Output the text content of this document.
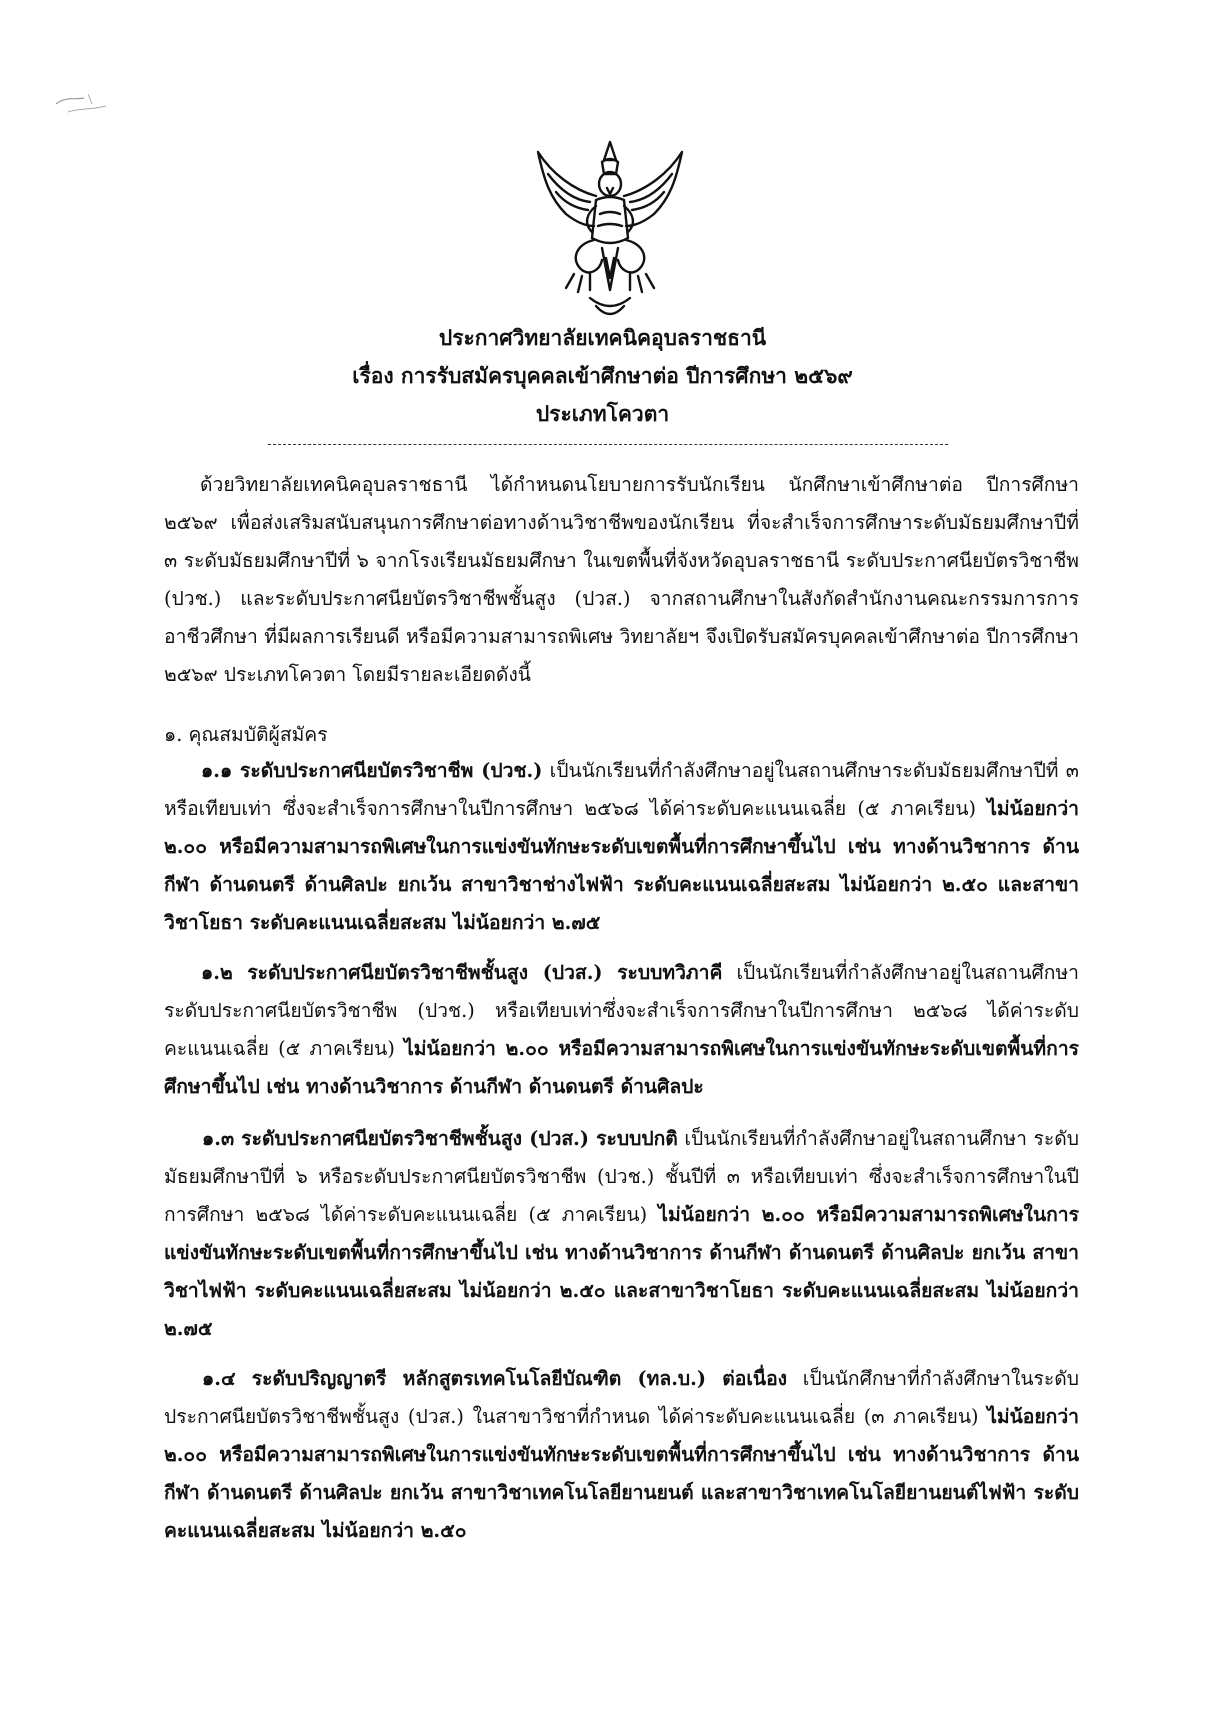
ประกาศวิทยาลัยเทคนิคอุบลราชธานี
เรื่อง การรับสมัครบุคคลเข้าศึกษาต่อ ปีการศึกษา ๒๕๖๙
ประเภทโควตา

ด้วยวิทยาลัยเทคนิคอุบลราชธานี ได้กำหนดนโยบายการรับนักเรียน นักศึกษาเข้าศึกษาต่อ ปีการศึกษา ๒๕๖๙ เพื่อส่งเสริมสนับสนุนการศึกษาต่อทางด้านวิชาชีพของนักเรียน ที่จะสำเร็จการศึกษาระดับมัธยมศึกษาปีที่ ๓ ระดับมัธยมศึกษาปีที่ ๖ จากโรงเรียนมัธยมศึกษา ในเขตพื้นที่จังหวัดอุบลราชธานี ระดับประกาศนียบัตรวิชาชีพ (ปวช.) และระดับประกาศนียบัตรวิชาชีพชั้นสูง (ปวส.) จากสถานศึกษาในสังกัดสำนักงานคณะกรรมการการอาชีวศึกษา ที่มีผลการเรียนดี หรือมีความสามารถพิเศษ วิทยาลัยฯ จึงเปิดรับสมัครบุคคลเข้าศึกษาต่อ ปีการศึกษา ๒๕๖๙ ประเภทโควตา โดยมีรายละเอียดดังนี้

๑. คุณสมบัติผู้สมัคร

๑.๑ ระดับประกาศนียบัตรวิชาชีพ (ปวช.) เป็นนักเรียนที่กำลังศึกษาอยู่ในสถานศึกษาระดับมัธยมศึกษาปีที่ ๓ หรือเทียบเท่า ซึ่งจะสำเร็จการศึกษาในปีการศึกษา ๒๕๖๘ ได้ค่าระดับคะแนนเฉลี่ย (๕ ภาคเรียน) ไม่น้อยกว่า ๒.๐๐ หรือมีความสามารถพิเศษในการแข่งขันทักษะระดับเขตพื้นที่การศึกษาขึ้นไป เช่น ทางด้านวิชาการ ด้านกีฬา ด้านดนตรี ด้านศิลปะ ยกเว้น สาขาวิชาช่างไฟฟ้า ระดับคะแนนเฉลี่ยสะสม ไม่น้อยกว่า ๒.๕๐ และสาขาวิชาโยธา ระดับคะแนนเฉลี่ยสะสม ไม่น้อยกว่า ๒.๗๕

๑.๒ ระดับประกาศนียบัตรวิชาชีพชั้นสูง (ปวส.) ระบบทวิภาคี เป็นนักเรียนที่กำลังศึกษาอยู่ในสถานศึกษา ระดับประกาศนียบัตรวิชาชีพ (ปวช.) หรือเทียบเท่าซึ่งจะสำเร็จการศึกษาในปีการศึกษา ๒๕๖๘ ได้ค่าระดับคะแนนเฉลี่ย (๕ ภาคเรียน) ไม่น้อยกว่า ๒.๐๐ หรือมีความสามารถพิเศษในการแข่งขันทักษะระดับเขตพื้นที่การศึกษาขึ้นไป เช่น ทางด้านวิชาการ ด้านกีฬา ด้านดนตรี ด้านศิลปะ

๑.๓ ระดับประกาศนียบัตรวิชาชีพชั้นสูง (ปวส.) ระบบปกติ เป็นนักเรียนที่กำลังศึกษาอยู่ในสถานศึกษา ระดับมัธยมศึกษาปีที่ ๖ หรือระดับประกาศนียบัตรวิชาชีพ (ปวช.) ชั้นปีที่ ๓ หรือเทียบเท่า ซึ่งจะสำเร็จการศึกษาในปีการศึกษา ๒๕๖๘ ได้ค่าระดับคะแนนเฉลี่ย (๕ ภาคเรียน) ไม่น้อยกว่า ๒.๐๐ หรือมีความสามารถพิเศษในการแข่งขันทักษะระดับเขตพื้นที่การศึกษาขึ้นไป เช่น ทางด้านวิชาการ ด้านกีฬา ด้านดนตรี ด้านศิลปะ ยกเว้น สาขาวิชาไฟฟ้า ระดับคะแนนเฉลี่ยสะสม ไม่น้อยกว่า ๒.๕๐ และสาขาวิชาโยธา ระดับคะแนนเฉลี่ยสะสม ไม่น้อยกว่า ๒.๗๕

๑.๔ ระดับปริญญาตรี หลักสูตรเทคโนโลยีบัณฑิต (ทล.บ.) ต่อเนื่อง เป็นนักศึกษาที่กำลังศึกษาในระดับประกาศนียบัตรวิชาชีพชั้นสูง (ปวส.) ในสาขาวิชาที่กำหนด ได้ค่าระดับคะแนนเฉลี่ย (๓ ภาคเรียน) ไม่น้อยกว่า ๒.๐๐ หรือมีความสามารถพิเศษในการแข่งขันทักษะระดับเขตพื้นที่การศึกษาขึ้นไป เช่น ทางด้านวิชาการ ด้านกีฬา ด้านดนตรี ด้านศิลปะ ยกเว้น สาขาวิชาเทคโนโลยียานยนต์ และสาขาวิชาเทคโนโลยียานยนต์ไฟฟ้า ระดับคะแนนเฉลี่ยสะสม ไม่น้อยกว่า ๒.๕๐
